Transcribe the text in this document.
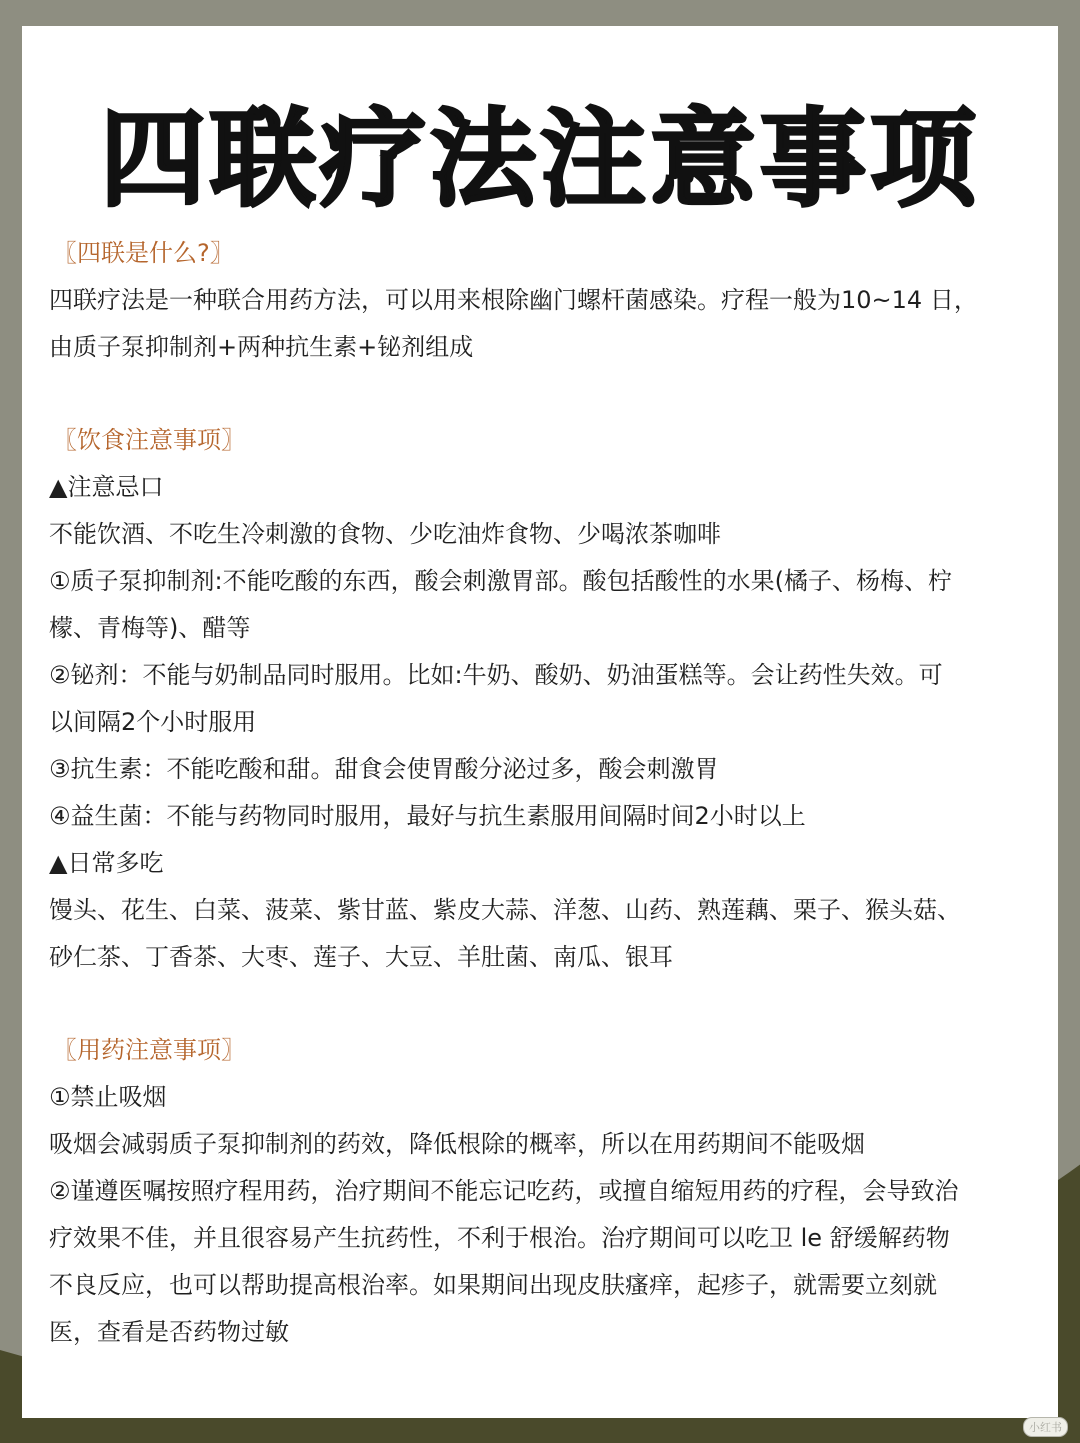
四联疗法注意事项
〖四联是什么?〗
四联疗法是一种联合用药方法，可以用来根除幽门螺杆菌感染。疗程一般为10~14 日，
由质子泵抑制剂+两种抗生素+铋剂组成
〖饮食注意事项〗
▲注意忌口
不能饮酒、不吃生冷刺激的食物、少吃油炸食物、少喝浓茶咖啡
①质子泵抑制剂:不能吃酸的东西，酸会刺激胃部。酸包括酸性的水果(橘子、杨梅、柠
檬、青梅等)、醋等
②铋剂：不能与奶制品同时服用。比如:牛奶、酸奶、奶油蛋糕等。会让药性失效。可
以间隔2个小时服用
③抗生素：不能吃酸和甜。甜食会使胃酸分泌过多，酸会刺激胃
④益生菌：不能与药物同时服用，最好与抗生素服用间隔时间2小时以上
▲日常多吃
馒头、花生、白菜、菠菜、紫甘蓝、紫皮大蒜、洋葱、山药、熟莲藕、栗子、猴头菇、
砂仁茶、丁香茶、大枣、莲子、大豆、羊肚菌、南瓜、银耳
〖用药注意事项〗
①禁止吸烟
吸烟会减弱质子泵抑制剂的药效，降低根除的概率，所以在用药期间不能吸烟
②谨遵医嘱按照疗程用药，治疗期间不能忘记吃药，或擅自缩短用药的疗程，会导致治
疗效果不佳，并且很容易产生抗药性，不利于根治。治疗期间可以吃卫 le 舒缓解药物
不良反应，也可以帮助提高根治率。如果期间出现皮肤瘙痒，起疹子，就需要立刻就
医，查看是否药物过敏
小红书
